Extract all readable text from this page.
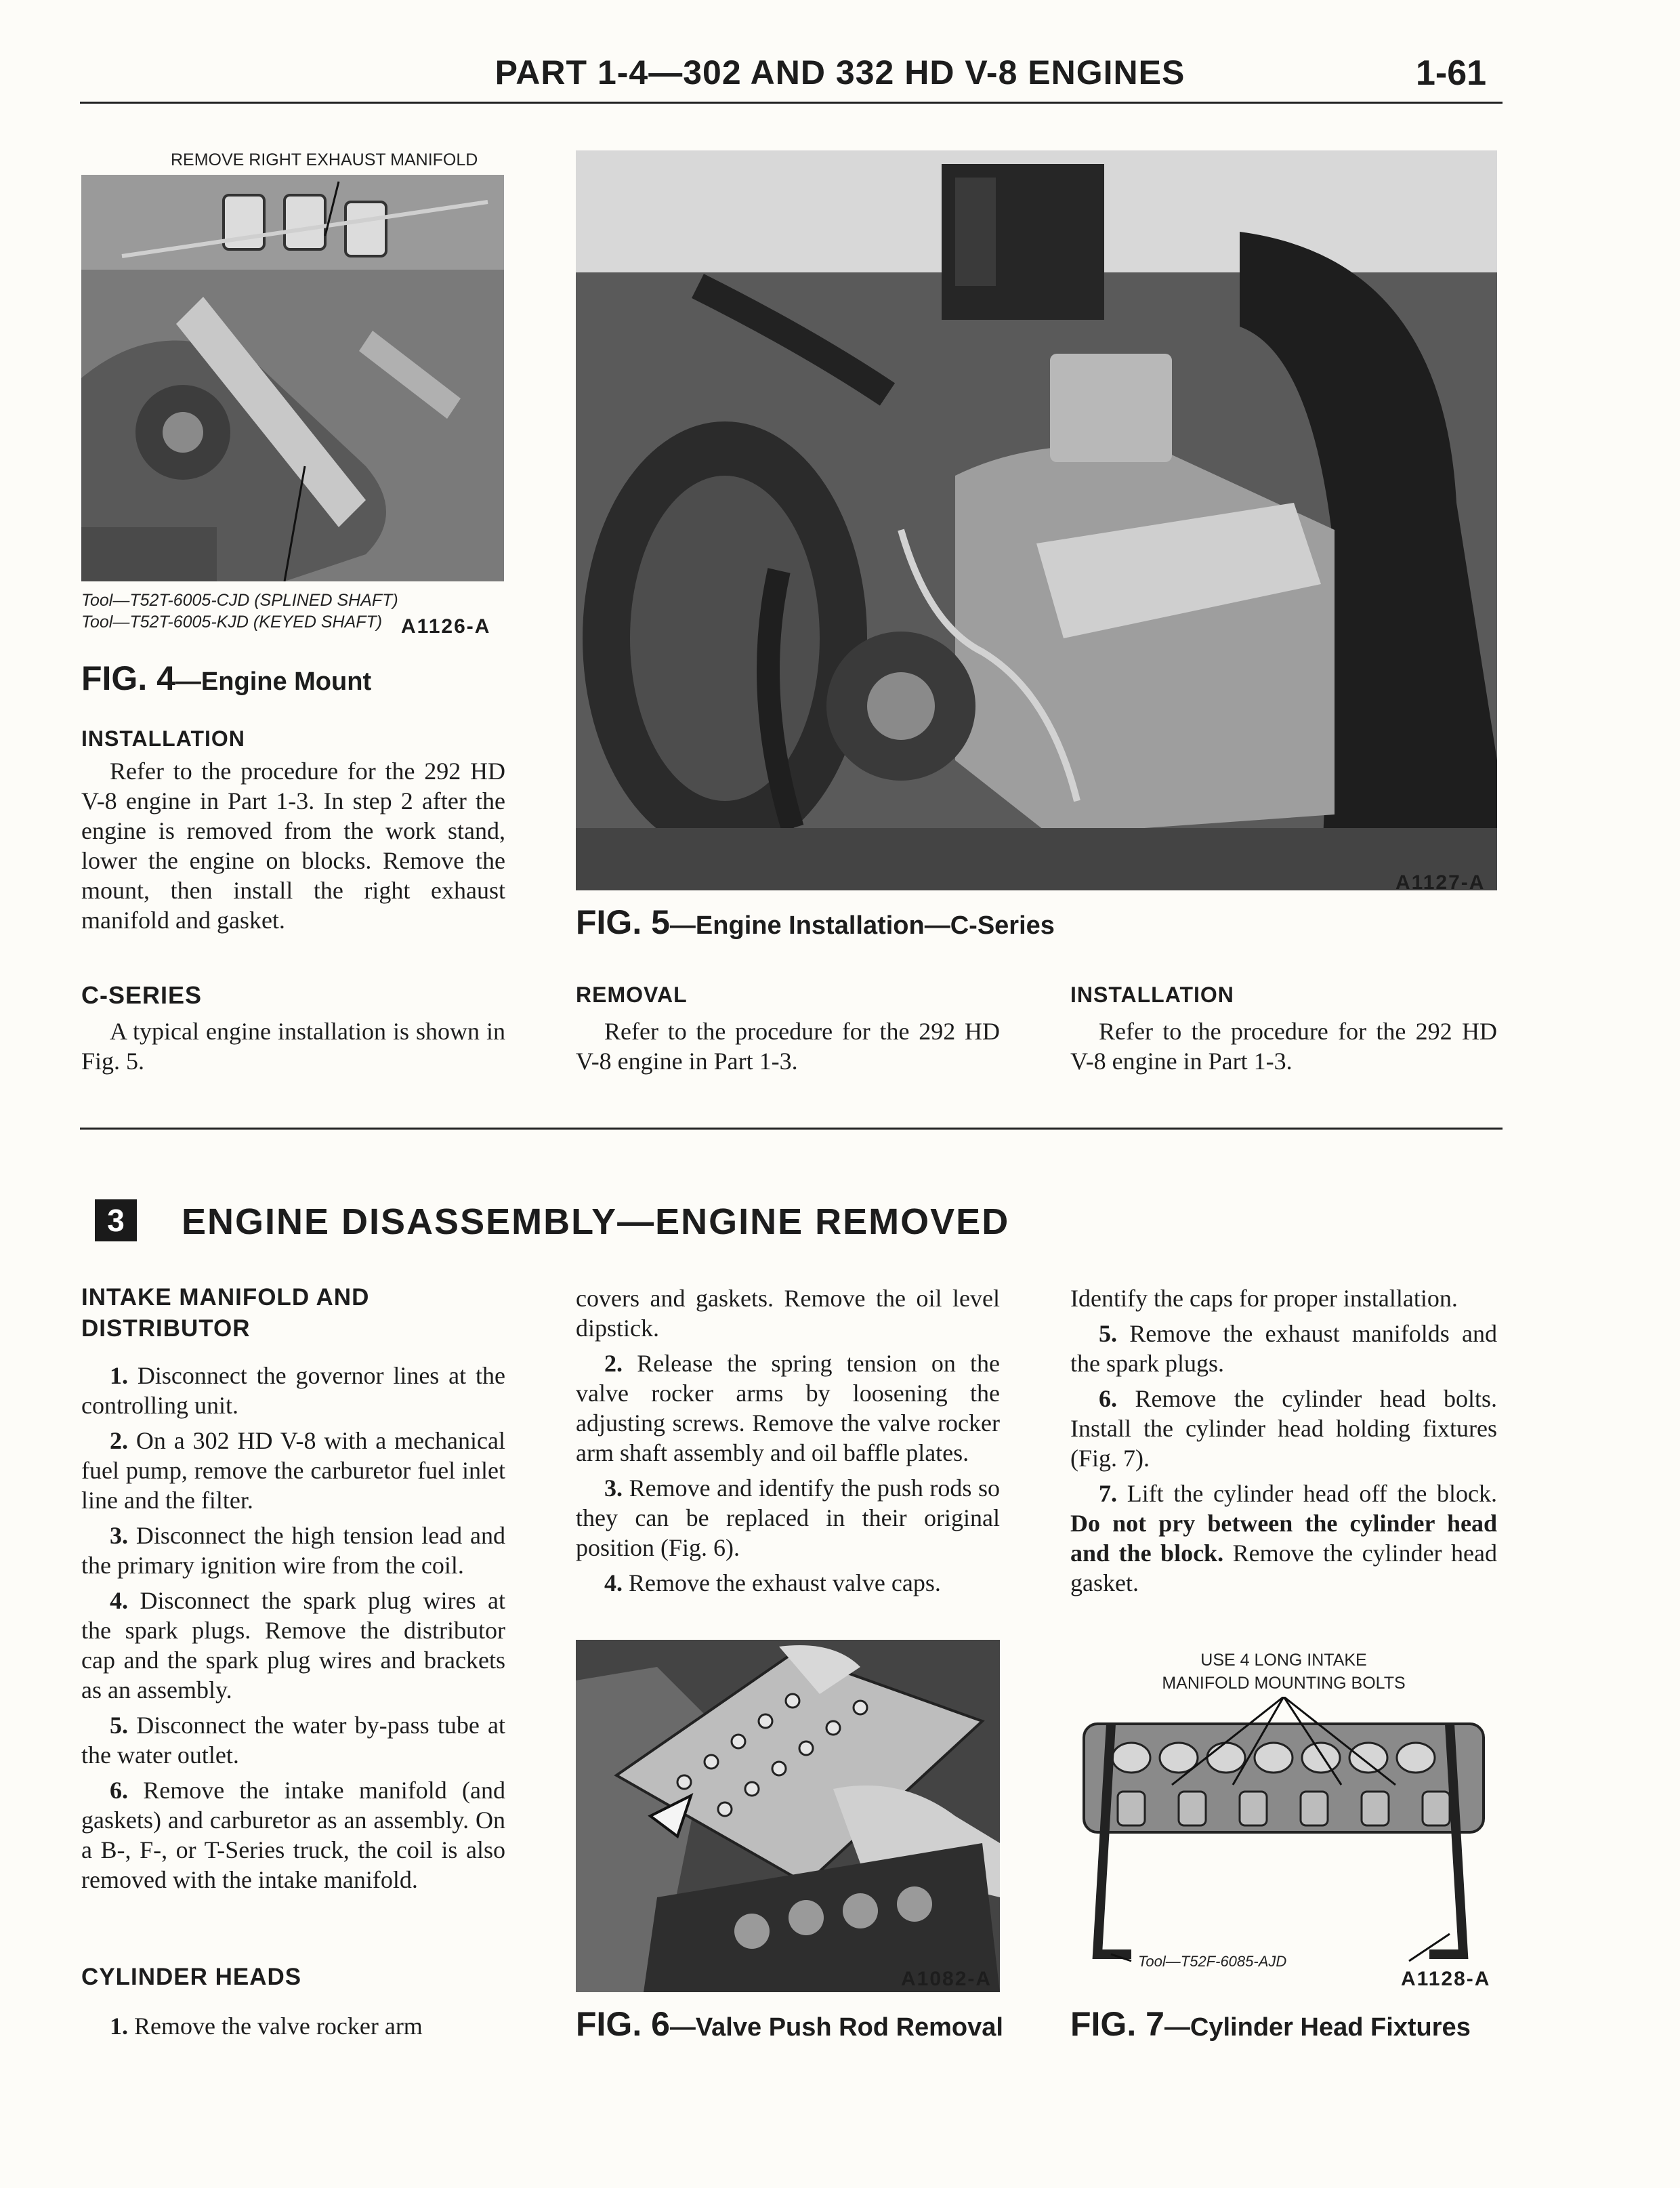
PART 1-4—302 AND 332 HD V-8 ENGINES	1-61
REMOVE RIGHT EXHAUST MANIFOLD
Tool—T52T-6005-CJD (SPLINED SHAFT)
Tool—T52T-6005-KJD (KEYED SHAFT) A1126-A
FIG. 4—Engine Mount
INSTALLATION

Refer to the procedure for the 292 HD V-8 engine in Part 1-3. In step 2 after the engine is removed from the work stand, lower the engine on blocks. Remove the mount, then install the right exhaust manifold and gasket.

C-SERIES

A typical engine installation is shown in Fig. 5.

A1127-A
FIG. 5—Engine Installation—C-Series
REMOVAL

Refer to the procedure for the 292 HD V-8 engine in Part 1-3.

INSTALLATION

Refer to the procedure for the 292 HD V-8 engine in Part 1-3.

3	ENGINE DISASSEMBLY—ENGINE REMOVED
INTAKE MANIFOLD AND DISTRIBUTOR

1. Disconnect the governor lines at the controlling unit.

2. On a 302 HD V-8 with a mechanical fuel pump, remove the carburetor fuel inlet line and the filter.

3. Disconnect the high tension lead and the primary ignition wire from the coil.

4. Disconnect the spark plug wires at the spark plugs. Remove the distributor cap and the spark plug wires and brackets as an assembly.

5. Disconnect the water by-pass tube at the water outlet.

6. Remove the intake manifold (and gaskets) and carburetor as an assembly. On a B-, F-, or T-Series truck, the coil is also removed with the intake manifold.

CYLINDER HEADS

1. Remove the valve rocker arm

covers and gaskets. Remove the oil level dipstick.

2. Release the spring tension on the valve rocker arms by loosening the adjusting screws. Remove the valve rocker arm shaft assembly and oil baffle plates.

3. Remove and identify the push rods so they can be replaced in their original position (Fig. 6).

4. Remove the exhaust valve caps.

A1082-A
FIG. 6—Valve Push Rod Removal

Identify the caps for proper installation.

5. Remove the exhaust manifolds and the spark plugs.

6. Remove the cylinder head bolts. Install the cylinder head holding fixtures (Fig. 7).

7. Lift the cylinder head off the block. Do not pry between the cylinder head and the block. Remove the cylinder head gasket.

USE 4 LONG INTAKE
MANIFOLD MOUNTING BOLTS
Tool—T52F-6085-AJD
A1128-A
FIG. 7—Cylinder Head Fixtures
